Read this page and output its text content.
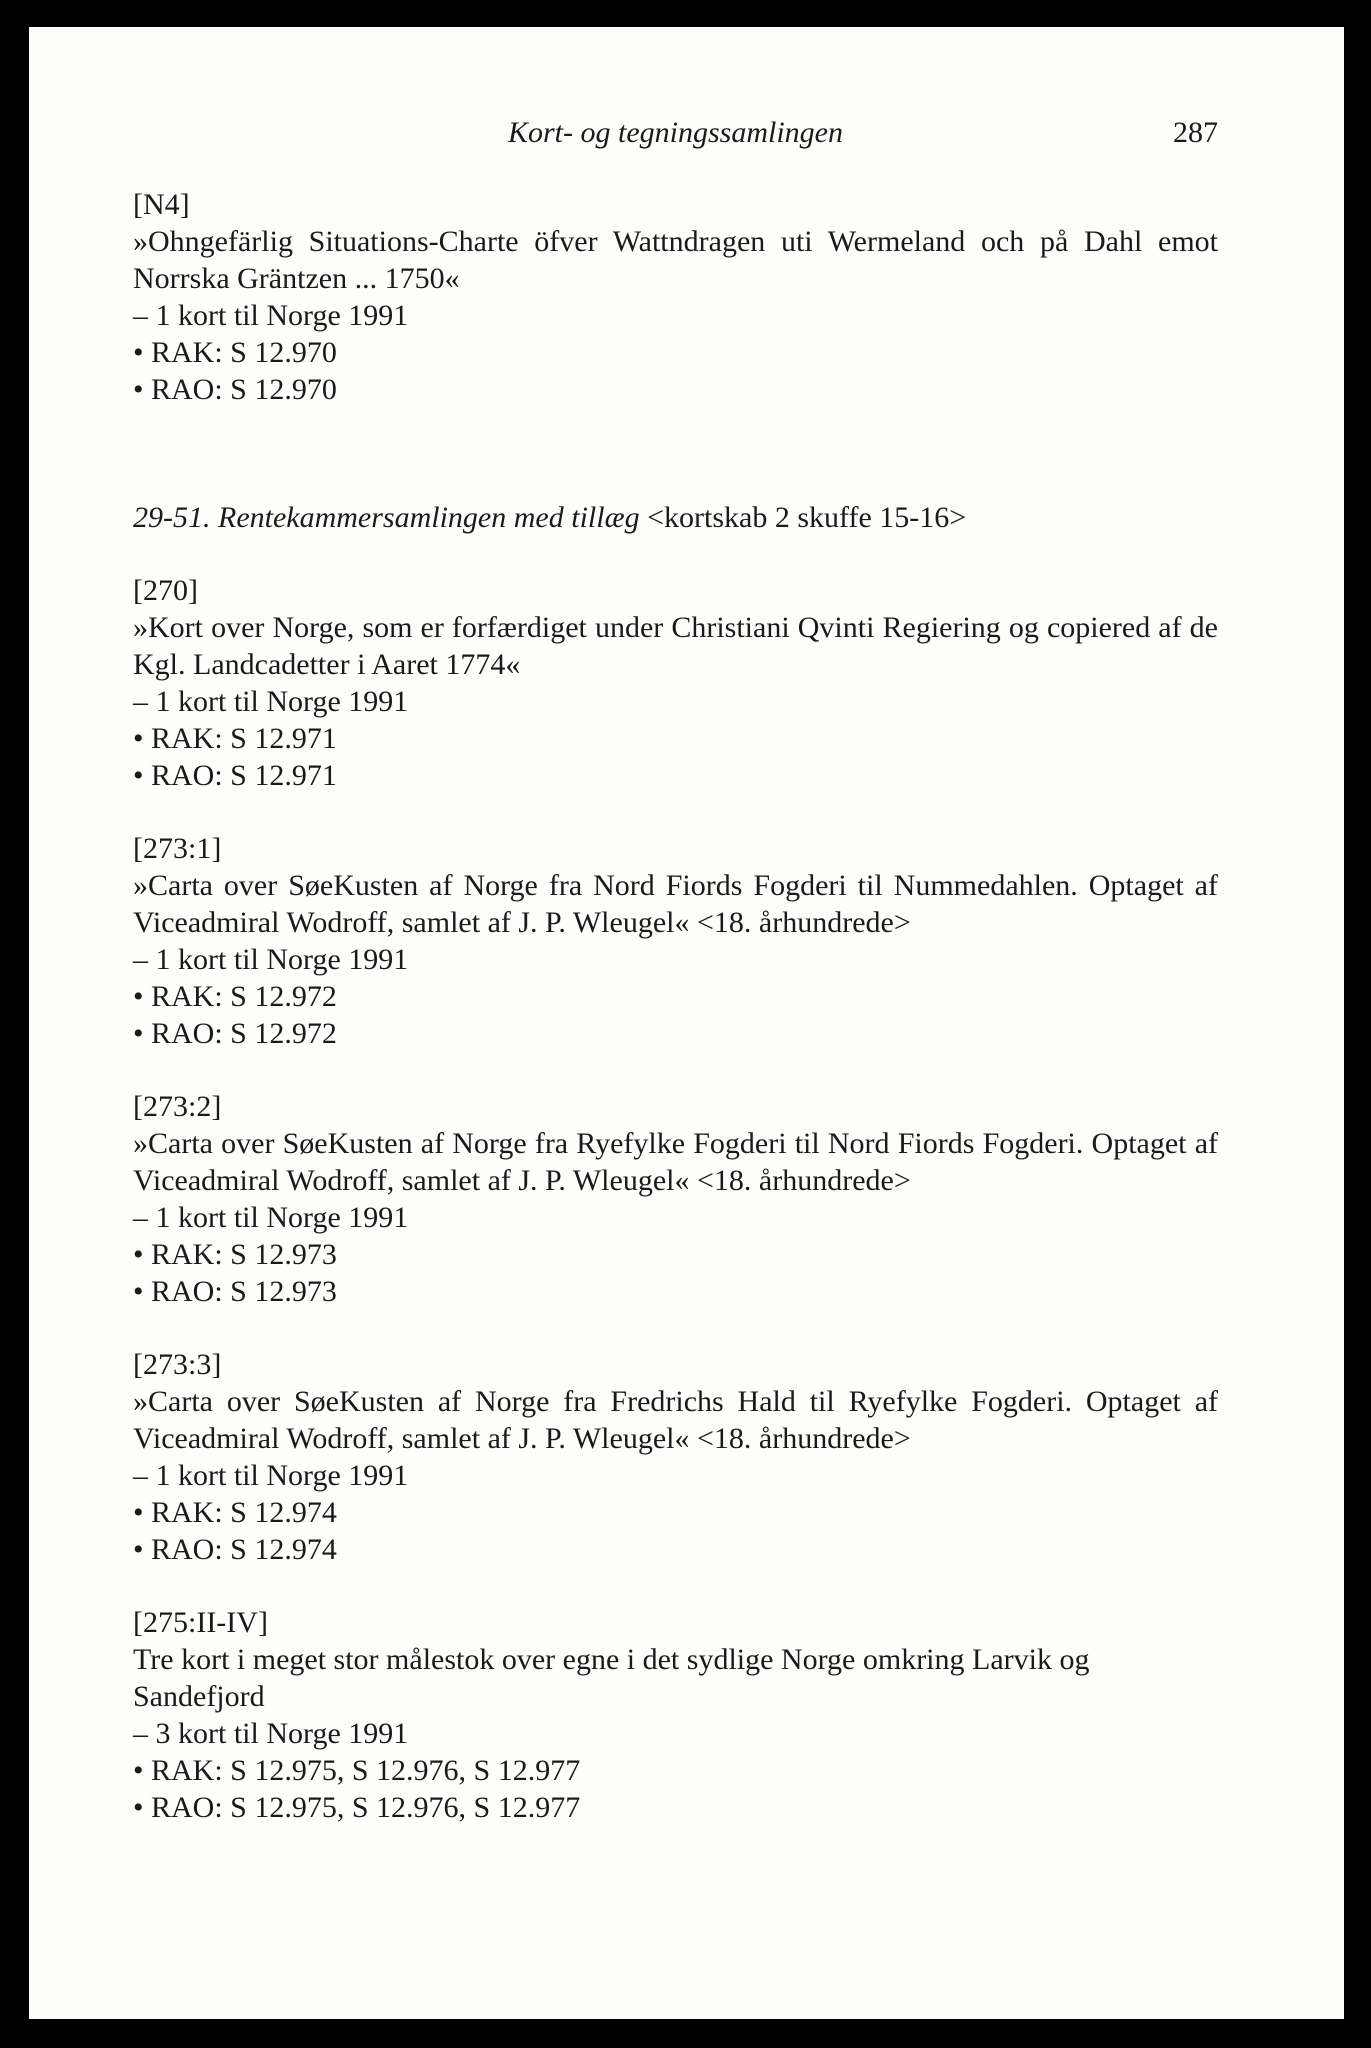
Kort- og tegningssamlingen	287
[N4]
»Ohngefärlig Situations-Charte öfver Wattndragen uti Wermeland och på Dahl emot Norrska Gräntzen ... 1750«
– 1 kort til Norge 1991
• RAK: S 12.970
• RAO: S 12.970
29-51. Rentekammersamlingen med tillæg <kortskab 2 skuffe 15-16>
[270]
»Kort over Norge, som er forfærdiget under Christiani Qvinti Regiering og copiered af de Kgl. Landcadetter i Aaret 1774«
– 1 kort til Norge 1991
• RAK: S 12.971
• RAO: S 12.971
[273:1]
»Carta over SøeKusten af Norge fra Nord Fiords Fogderi til Nummedahlen. Optaget af Viceadmiral Wodroff, samlet af J. P. Wleugel« <18. århundrede>
– 1 kort til Norge 1991
• RAK: S 12.972
• RAO: S 12.972
[273:2]
»Carta over SøeKusten af Norge fra Ryefylke Fogderi til Nord Fiords Fogderi. Optaget af Viceadmiral Wodroff, samlet af J. P. Wleugel« <18. århundrede>
– 1 kort til Norge 1991
• RAK: S 12.973
• RAO: S 12.973
[273:3]
»Carta over SøeKusten af Norge fra Fredrichs Hald til Ryefylke Fogderi. Optaget af Viceadmiral Wodroff, samlet af J. P. Wleugel« <18. århundrede>
– 1 kort til Norge 1991
• RAK: S 12.974
• RAO: S 12.974
[275:II-IV]
Tre kort i meget stor målestok over egne i det sydlige Norge omkring Larvik og Sandefjord
– 3 kort til Norge 1991
• RAK: S 12.975, S 12.976, S 12.977
• RAO: S 12.975, S 12.976, S 12.977
